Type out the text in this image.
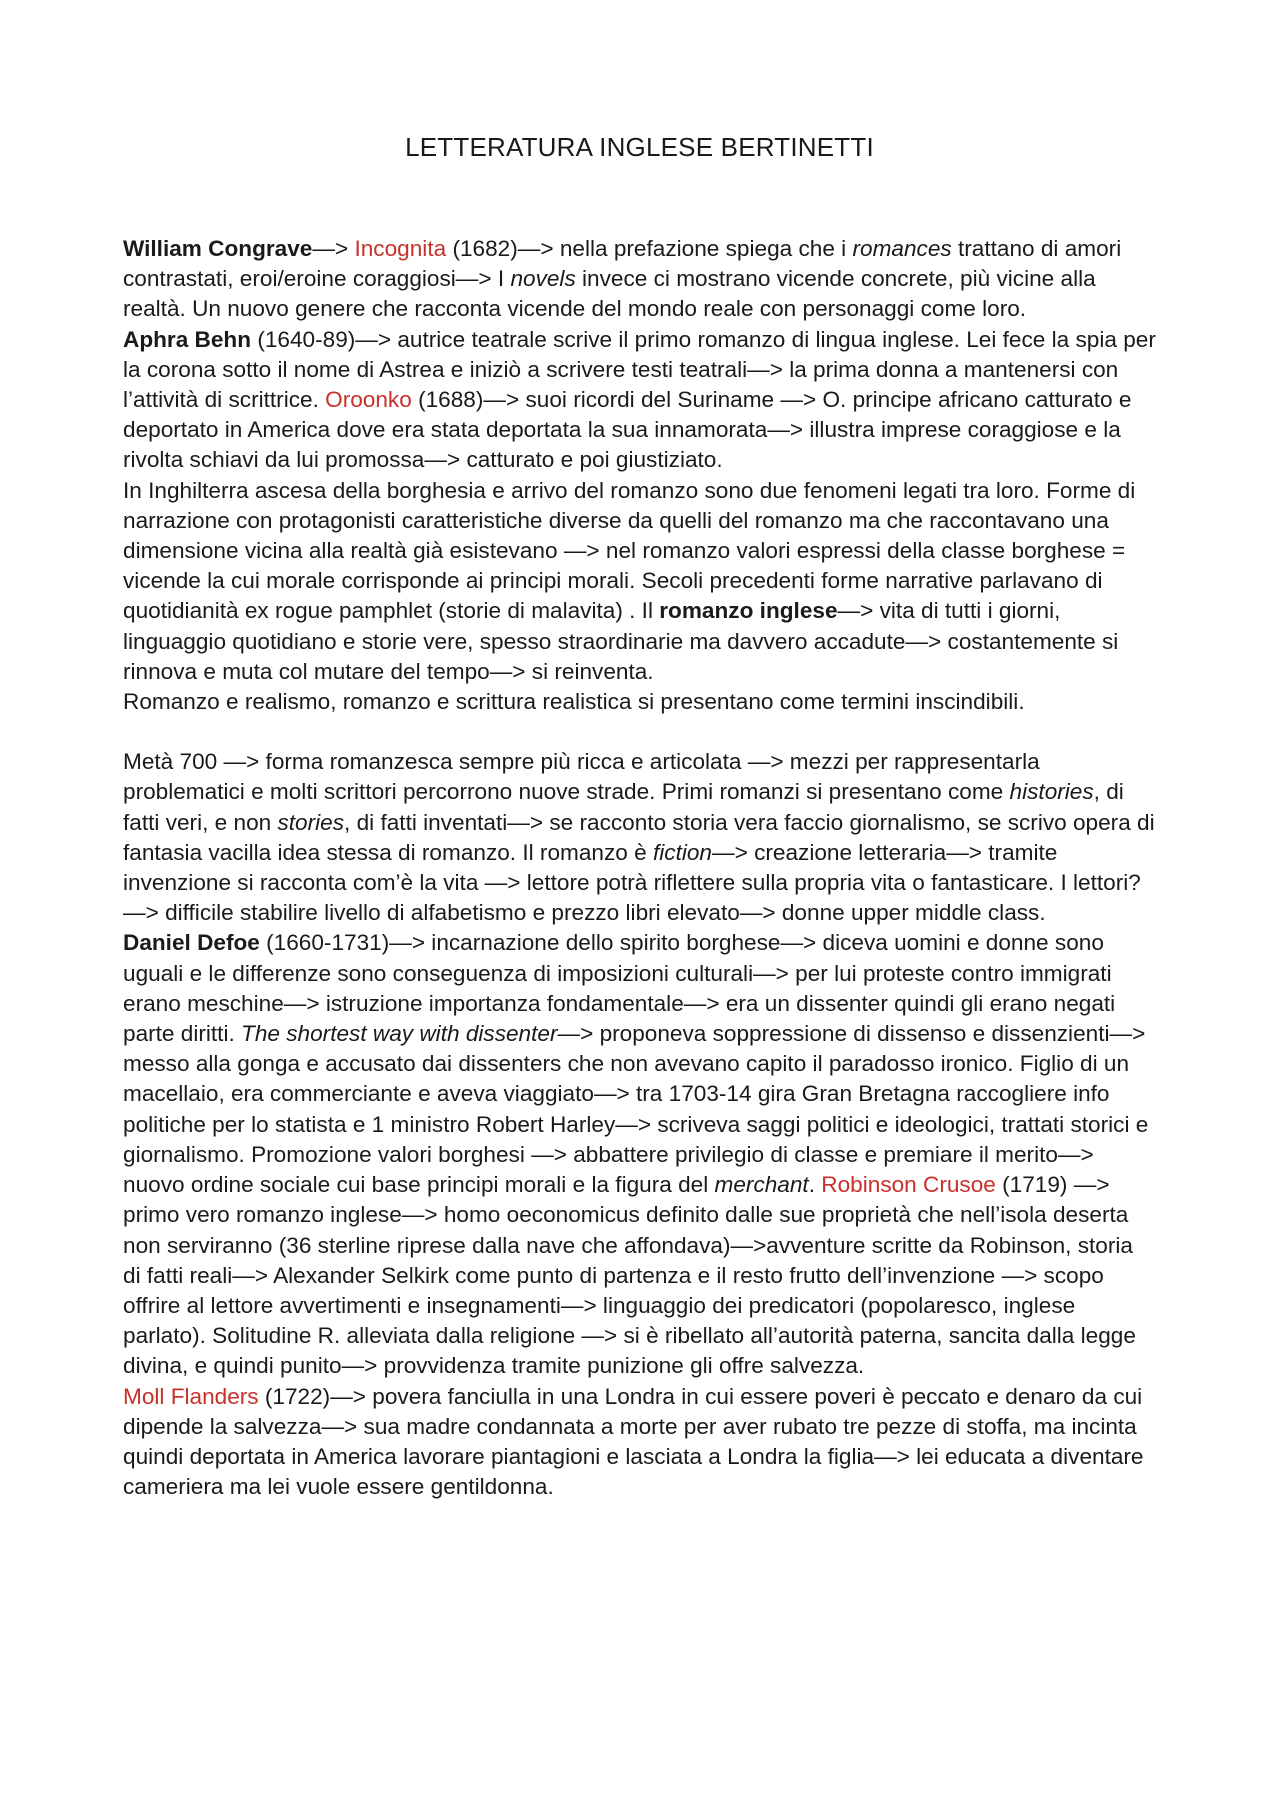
LETTERATURA INGLESE BERTINETTI

William Congrave—> Incognita (1682)—> nella prefazione spiega che i romances trattano di amori contrastati, eroi/eroine coraggiosi—> I novels invece ci mostrano vicende concrete, più vicine alla realtà. Un nuovo genere che racconta vicende del mondo reale con personaggi come loro.

Aphra Behn (1640-89)—> autrice teatrale scrive il primo romanzo di lingua inglese. Lei fece la spia per la corona sotto il nome di Astrea e iniziò a scrivere testi teatrali—> la prima donna a mantenersi con l’attività di scrittrice. Oroonko (1688)—> suoi ricordi del Suriname —> O. principe africano catturato e deportato in America dove era stata deportata la sua innamorata—> illustra imprese coraggiose e la rivolta schiavi da lui promossa—> catturato e poi giustiziato.

In Inghilterra ascesa della borghesia e arrivo del romanzo sono due fenomeni legati tra loro. Forme di narrazione con protagonisti caratteristiche diverse da quelli del romanzo ma che raccontavano una dimensione vicina alla realtà già esistevano —> nel romanzo valori espressi della classe borghese = vicende la cui morale corrisponde ai principi morali. Secoli precedenti forme narrative parlavano di quotidianità ex rogue pamphlet (storie di malavita) . Il romanzo inglese—> vita di tutti i giorni, linguaggio quotidiano e storie vere, spesso straordinarie ma davvero accadute—> costantemente si rinnova e muta col mutare del tempo—> si reinventa.

Romanzo e realismo, romanzo e scrittura realistica si presentano come termini inscindibili.

Metà 700 —> forma romanzesca sempre più ricca e articolata —> mezzi per rappresentarla problematici e molti scrittori percorrono nuove strade. Primi romanzi si presentano come histories, di fatti veri, e non stories, di fatti inventati—> se racconto storia vera faccio giornalismo, se scrivo opera di fantasia vacilla idea stessa di romanzo. Il romanzo è fiction—> creazione letteraria—> tramite invenzione si racconta com’è la vita —> lettore potrà riflettere sulla propria vita o fantasticare. I lettori?—> difficile stabilire livello di alfabetismo e prezzo libri elevato—> donne upper middle class.

Daniel Defoe (1660-1731)—> incarnazione dello spirito borghese—> diceva uomini e donne sono uguali e le differenze sono conseguenza di imposizioni culturali—> per lui proteste contro immigrati erano meschine—> istruzione importanza fondamentale—> era un dissenter quindi gli erano negati parte diritti. The shortest way with dissenter—> proponeva soppressione di dissenso e dissenzienti—> messo alla gonga e accusato dai dissenters che non avevano capito il paradosso ironico. Figlio di un macellaio, era commerciante e aveva viaggiato—> tra 1703-14 gira Gran Bretagna raccogliere info politiche per lo statista e 1 ministro Robert Harley—> scriveva saggi politici e ideologici, trattati storici e giornalismo. Promozione valori borghesi —> abbattere privilegio di classe e premiare il merito—> nuovo ordine sociale cui base principi morali e la figura del merchant. Robinson Crusoe (1719) —> primo vero romanzo inglese—> homo oeconomicus definito dalle sue proprietà che nell’isola deserta non serviranno (36 sterline riprese dalla nave che affondava)—>avventure scritte da Robinson, storia di fatti reali—> Alexander Selkirk come punto di partenza e il resto frutto dell’invenzione —> scopo offrire al lettore avvertimenti e insegnamenti—> linguaggio dei predicatori (popolaresco, inglese parlato). Solitudine R. alleviata dalla religione —> si è ribellato all’autorità paterna, sancita dalla legge divina, e quindi punito—> provvidenza tramite punizione gli offre salvezza.

Moll Flanders (1722)—> povera fanciulla in una Londra in cui essere poveri è peccato e denaro da cui dipende la salvezza—> sua madre condannata a morte per aver rubato tre pezze di stoffa, ma incinta quindi deportata in America lavorare piantagioni e lasciata a Londra la figlia—> lei educata a diventare cameriera ma lei vuole essere gentildonna.
